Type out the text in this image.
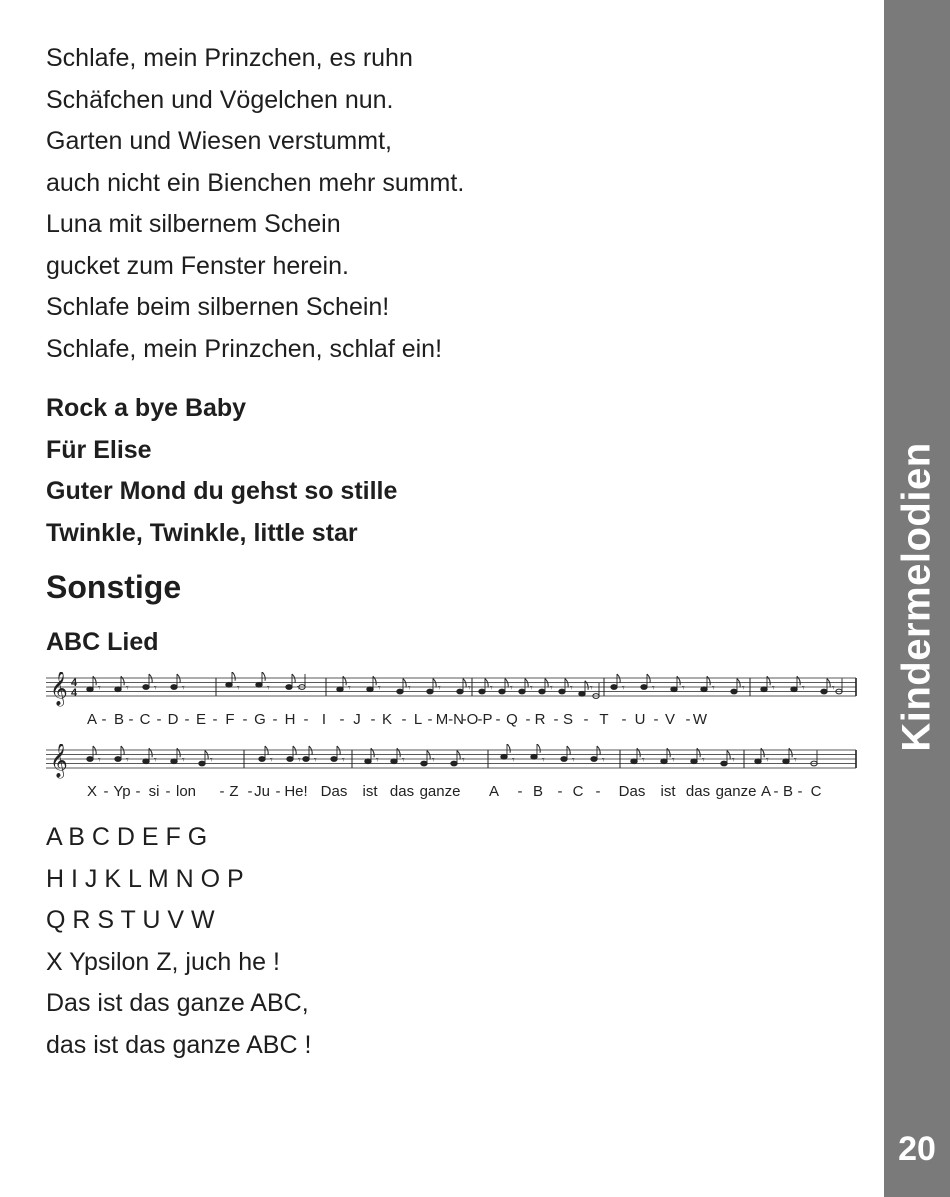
Schlafe, mein Prinzchen, es ruhn
Schäfchen und Vögelchen nun.
Garten und Wiesen verstummt,
auch nicht ein Bienchen mehr summt.
Luna mit silbernem Schein
gucket zum Fenster herein.
Schlafe beim silbernen Schein!
Schlafe, mein Prinzchen, schlaf ein!
Rock a bye Baby
Für Elise
Guter Mond du gehst so stille
Twinkle, Twinkle, little star
Sonstige
ABC Lied
𝄞 4
4 𝄾	𝄾	𝄾	𝄾	𝄾	𝄾	𝄾	𝄾	𝄾	𝄾	𝄾	𝄾 𝄾 𝄾 𝄾 𝄾 𝄾 𝄾	𝄾	𝄾	𝄾	𝄾	𝄾	𝄾	𝄾	𝄾
A - B - C - D - E - F - G - H - I - J - K - L - M -N
-O -P - Q - R - S - T - U - V - W
𝄞	𝄾	𝄾	𝄾	𝄾	𝄾	𝄾	𝄾 𝄾	𝄾	𝄾 𝄾	𝄾	𝄾	𝄾	𝄾	𝄾	𝄾	𝄾	𝄾	𝄾	𝄾	𝄾	𝄾
X - Yp - si - lon - Z - Ju - He! Das ist das ganze A - B - C - Das ist das ganze A - B - C
A B C D E F G
H I J K L M N O P
Q R S T U V W
X Ypsilon Z, juch he !
Das ist das ganze ABC,
das ist das ganze ABC !
Kindermelodien
20
